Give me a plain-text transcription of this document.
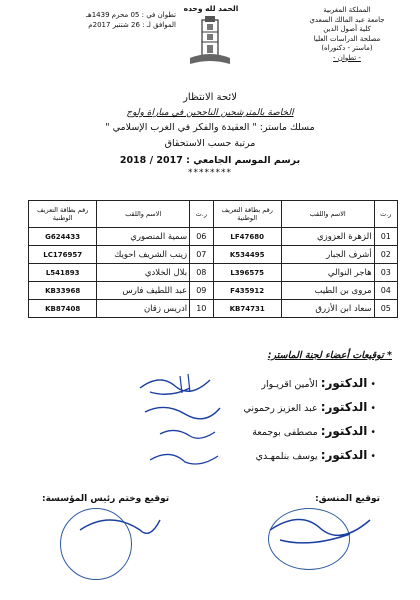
الحمد لله وحده	المملكة المغربية
جامعة عبد المالك السعدي
كلية أصول الدين
مصلحة الدراسات العليا
(ماستر - دكتوراه)
- تطوان -
تطوان في : 05 محرم 1439هـ
الموافق لـ : 26 شتنبر 2017م
لائحة الانتظار
الخاصة بالمترشحين الناجحين في مباراة ولوج
مسلك ماستر: " العقيدة والفكر في الغرب الإسلامي "
مرتبة حسب الاستحقاق
برسم الموسم الجامعي : 2017 / 2018
********
ر.ت	الاسم واللقب	رقم بطاقة التعريف الوطنية	ر.ت	الاسم واللقب	رقم بطاقة التعريف الوطنية
01	الزهرة العزوزي	LF47680	06	سمية المنصوري	G624433
02	أشرف الجبار	K534495	07	زينب الشريف احويك	LC176957
03	هاجر النوالي	L396575	08	بلال الخلادي	L541893
04	مروى بن الطيب	F435912	09	عبد اللطيف فارس	KB33968
05	سعاد ابن الأزرق	KB74731	10	ادريس زقان	KB87408
* توقيعات أعضاء لجنة الماستر:
• الدكتور: الأمين اقريـوار
• الدكتور: عبد العزيز رحموني
• الدكتور: مصطفى بوجمعة
• الدكتور: يوسف بنلمهـدي
توقيع المنسق:
توقيع وختم رئيس المؤسسة:
